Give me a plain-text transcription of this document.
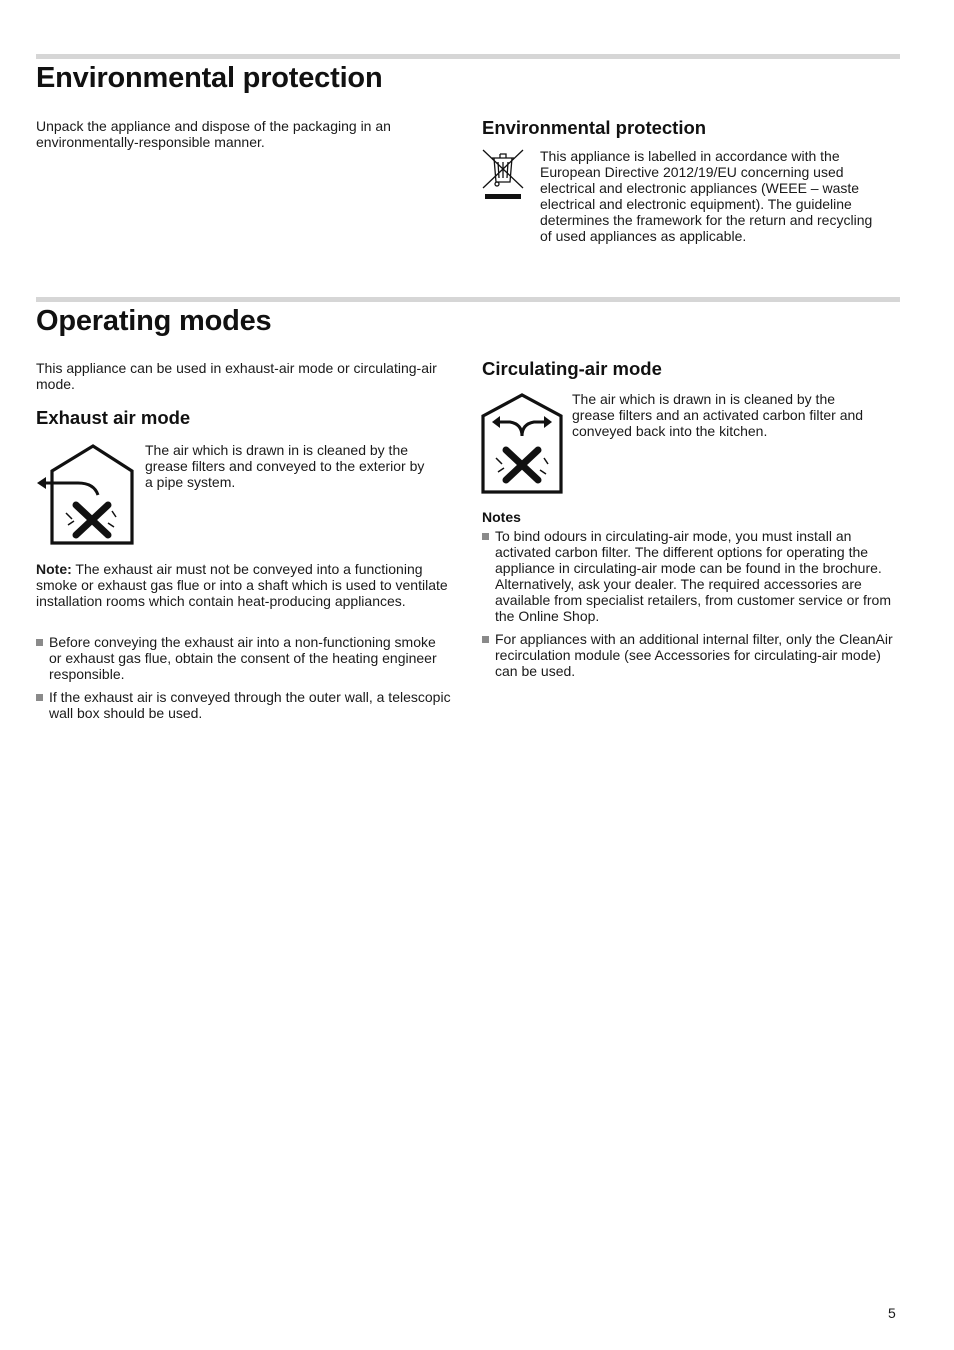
Environmental protection

Unpack the appliance and dispose of the packaging in an environmentally-responsible manner.

Environmental protection

This appliance is labelled in accordance with the European Directive 2012/19/EU concerning used electrical and electronic appliances (WEEE – waste electrical and electronic equipment). The guideline determines the framework for the return and recycling of used appliances as applicable.

Operating modes

This appliance can be used in exhaust-air mode or circulating-air mode.

Exhaust air mode

The air which is drawn in is cleaned by the grease filters and conveyed to the exterior by a pipe system.

Note: The exhaust air must not be conveyed into a functioning smoke or exhaust gas flue or into a shaft which is used to ventilate installation rooms which contain heat-producing appliances.

Before conveying the exhaust air into a non-functioning smoke or exhaust gas flue, obtain the consent of the heating engineer responsible.
If the exhaust air is conveyed through the outer wall, a telescopic wall box should be used.
Circulating-air mode

The air which is drawn in is cleaned by the grease filters and an activated carbon filter and conveyed back into the kitchen.

Notes
To bind odours in circulating-air mode, you must install an activated carbon filter. The different options for operating the appliance in circulating-air mode can be found in the brochure. Alternatively, ask your dealer. The required accessories are available from specialist retailers, from customer service or from the Online Shop.
For appliances with an additional internal filter, only the CleanAir recirculation module (see Accessories for circulating-air mode) can be used.
5
